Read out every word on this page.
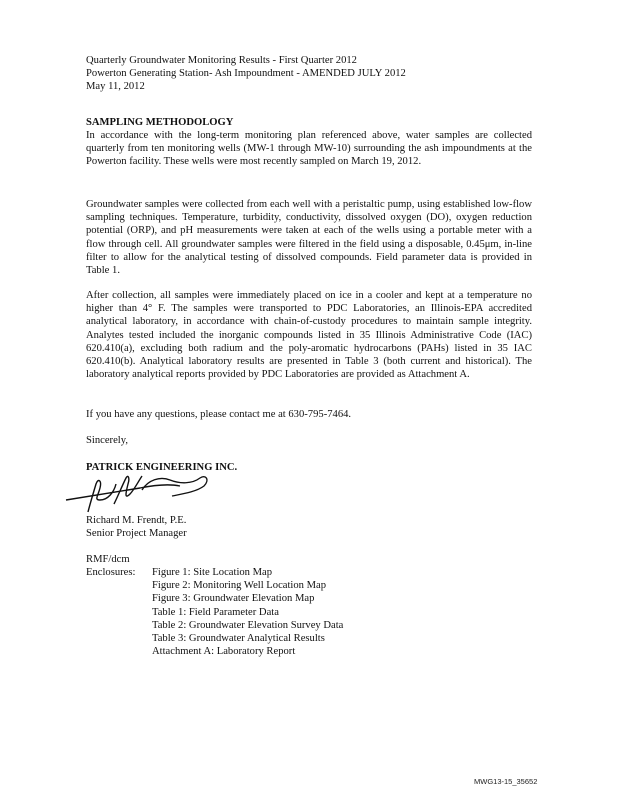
Quarterly Groundwater Monitoring Results - First Quarter 2012
Powerton Generating Station- Ash Impoundment - AMENDED JULY 2012
May 11, 2012
SAMPLING METHODOLOGY

In accordance with the long-term monitoring plan referenced above, water samples are collected quarterly from ten monitoring wells (MW-1 through MW-10) surrounding the ash impoundments at the Powerton facility. These wells were most recently sampled on March 19, 2012.

Groundwater samples were collected from each well with a peristaltic pump, using established low-flow sampling techniques. Temperature, turbidity, conductivity, dissolved oxygen (DO), oxygen reduction potential (ORP), and pH measurements were taken at each of the wells using a portable meter with a flow through cell. All groundwater samples were filtered in the field using a disposable, 0.45μm, in-line filter to allow for the analytical testing of dissolved compounds. Field parameter data is provided in Table 1.

After collection, all samples were immediately placed on ice in a cooler and kept at a temperature no higher than 4° F. The samples were transported to PDC Laboratories, an Illinois-EPA accredited analytical laboratory, in accordance with chain-of-custody procedures to maintain sample integrity. Analytes tested included the inorganic compounds listed in 35 Illinois Administrative Code (IAC) 620.410(a), excluding both radium and the poly-aromatic hydrocarbons (PAHs) listed in 35 IAC 620.410(b). Analytical laboratory results are presented in Table 3 (both current and historical). The laboratory analytical reports provided by PDC Laboratories are provided as Attachment A.

If you have any questions, please contact me at 630-795-7464.

Sincerely,
PATRICK ENGINEERING INC.
Richard M. Frendt, P.E.
Senior Project Manager
RMF/dcm
Enclosures: Figure 1: Site Location Map
Figure 2: Monitoring Well Location Map
Figure 3: Groundwater Elevation Map
Table 1: Field Parameter Data
Table 2: Groundwater Elevation Survey Data
Table 3: Groundwater Analytical Results
Attachment A: Laboratory Report
MWG13-15_35652
